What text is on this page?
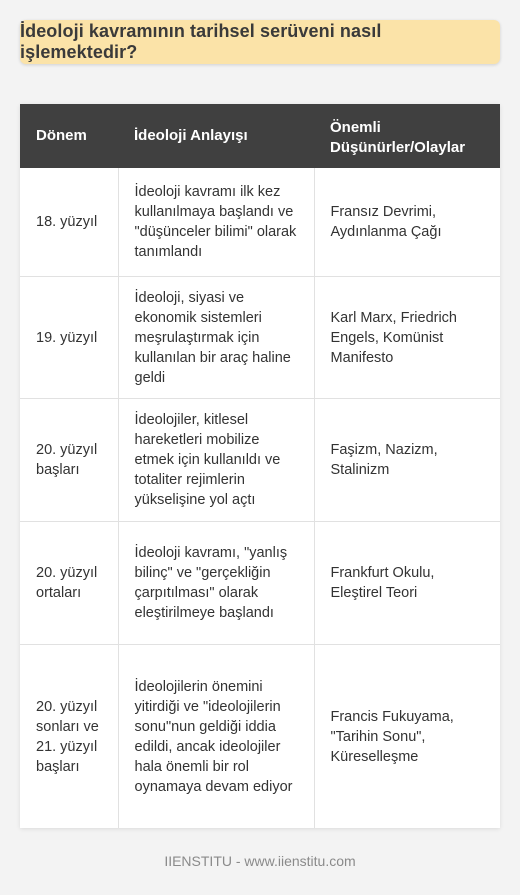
İdeoloji kavramının tarihsel serüveni nasıl işlemektedir?
Dönem	İdeoloji Anlayışı	Önemli Düşünürler/Olaylar
18. yüzyıl	İdeoloji kavramı ilk kez kullanılmaya başlandı ve "düşünceler bilimi" olarak tanımlandı	Fransız Devrimi, Aydınlanma Çağı
19. yüzyıl	İdeoloji, siyasi ve ekonomik sistemleri meşrulaştırmak için kullanılan bir araç haline geldi	Karl Marx, Friedrich Engels, Komünist Manifesto
20. yüzyıl başları	İdeolojiler, kitlesel hareketleri mobilize etmek için kullanıldı ve totaliter rejimlerin yükselişine yol açtı	Faşizm, Nazizm, Stalinizm
20. yüzyıl ortaları	İdeoloji kavramı, "yanlış bilinç" ve "gerçekliğin çarpıtılması" olarak eleştirilmeye başlandı	Frankfurt Okulu, Eleştirel Teori
20. yüzyıl sonları ve 21. yüzyıl başları	İdeolojilerin önemini yitirdiği ve "ideolojilerin sonu"nun geldiği iddia edildi, ancak ideolojiler hala önemli bir rol oynamaya devam ediyor	Francis Fukuyama, "Tarihin Sonu", Küreselleşme
IIENSTITU - www.iienstitu.com
